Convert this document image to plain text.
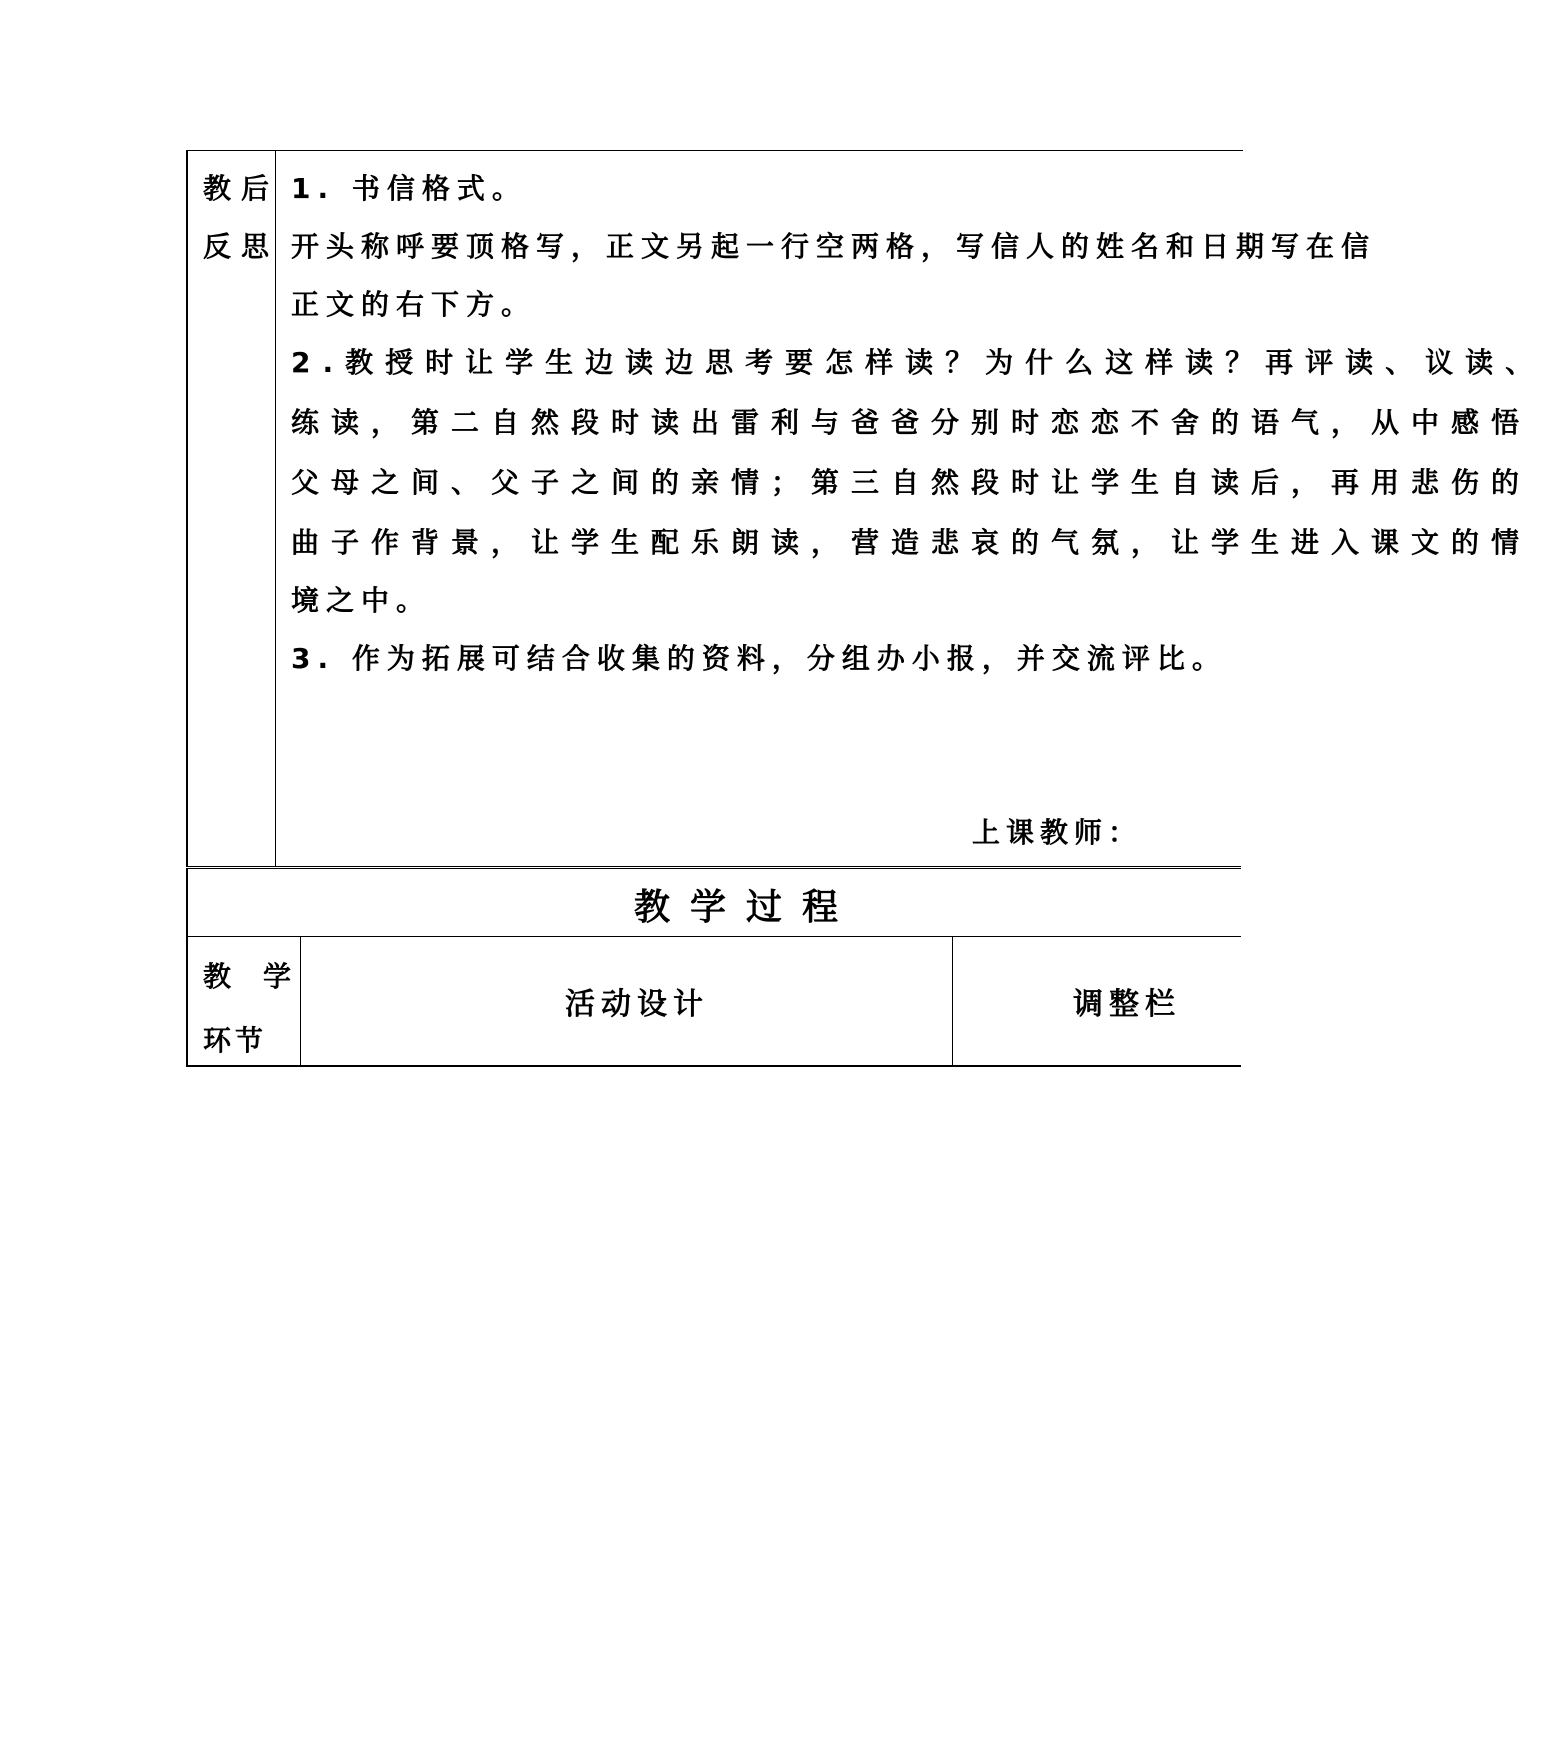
教后
反思
1. 书信格式。
开头称呼要顶格写，正文另起一行空两格，写信人的姓名和日期写在信
正文的右下方。
2.教授时让学生边读边思考要怎样读？为什么这样读？再评读、议读、
练读，第二自然段时读出雷利与爸爸分别时恋恋不舍的语气，从中感悟
父母之间、父子之间的亲情；第三自然段时让学生自读后，再用悲伤的
曲子作背景，让学生配乐朗读，营造悲哀的气氛，让学生进入课文的情
境之中。
3. 作为拓展可结合收集的资料，分组办小报，并交流评比。
上课教师：
教学过程
教学
环节
活动设计	调整栏
